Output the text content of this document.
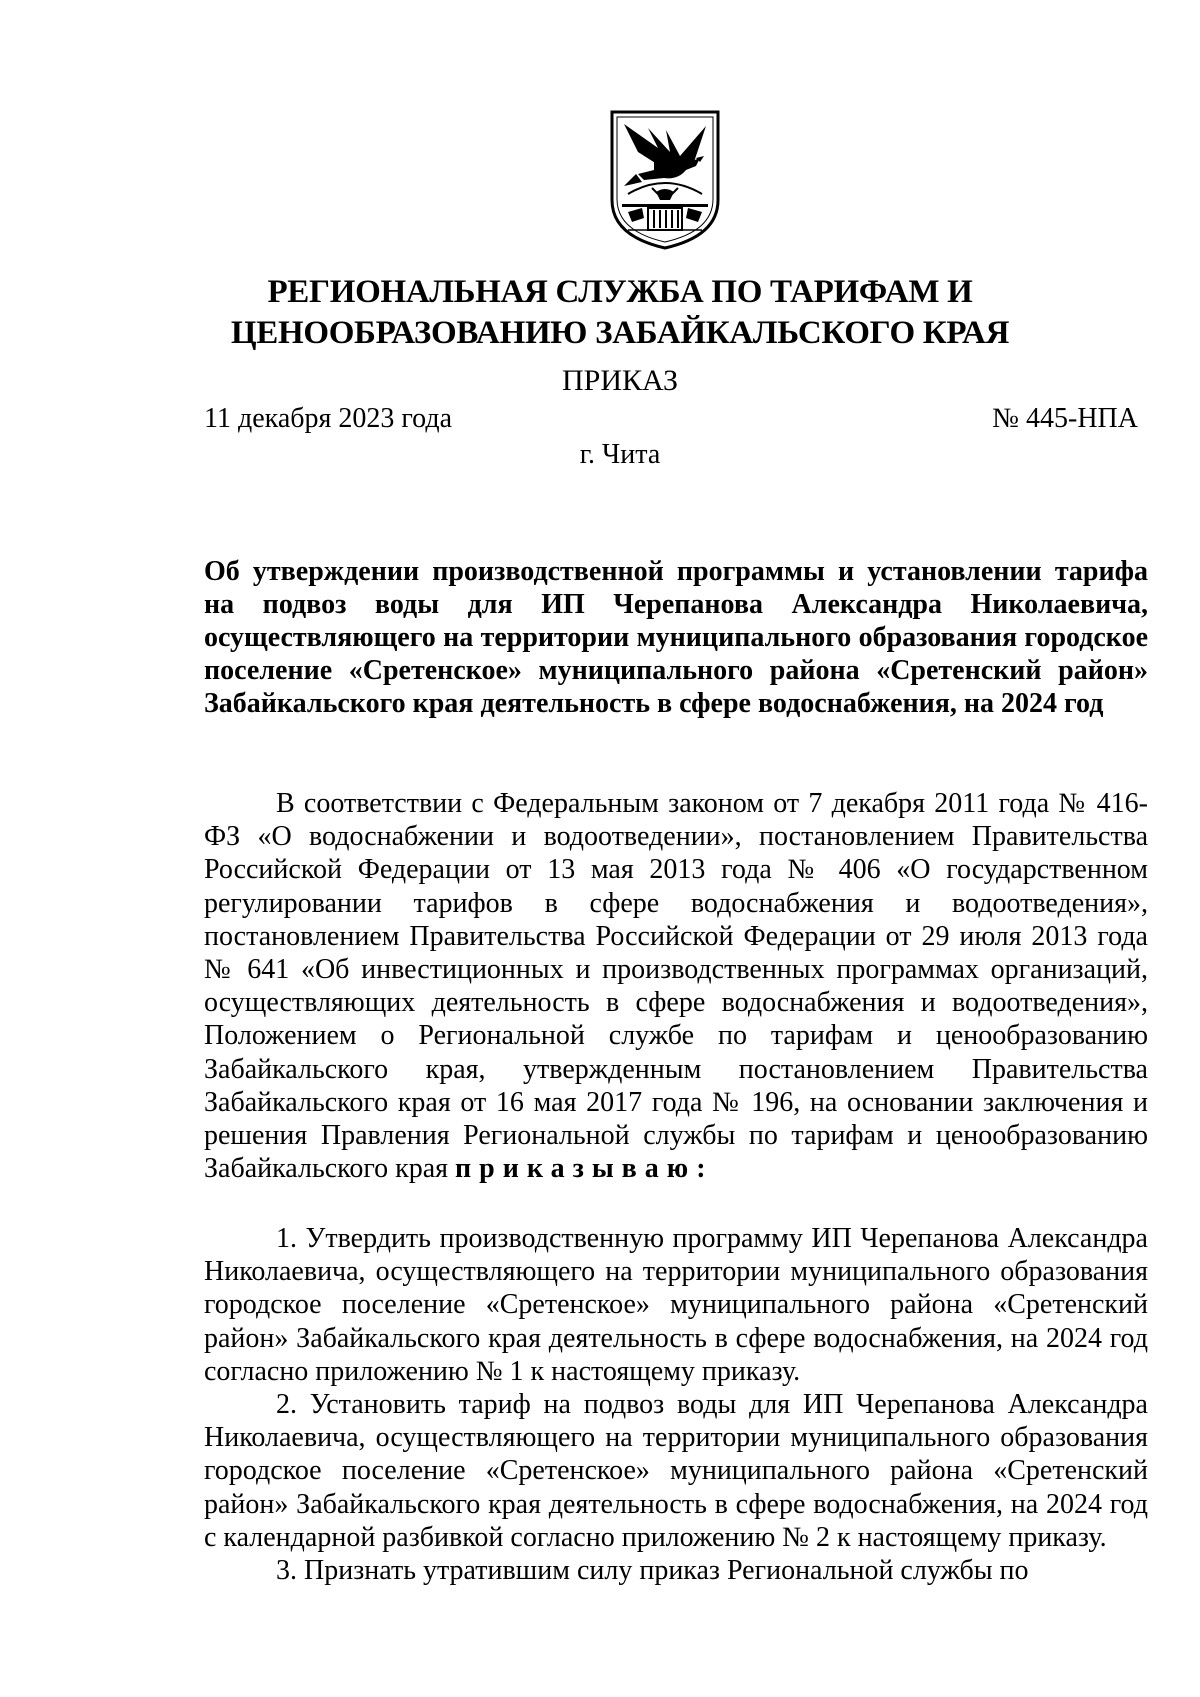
РЕГИОНАЛЬНАЯ СЛУЖБА ПО ТАРИФАМ И
ЦЕНООБРАЗОВАНИЮ ЗАБАЙКАЛЬСКОГО КРАЯ
ПРИКАЗ
11 декабря 2023 года	№ 445-НПА
г. Чита
Об утверждении производственной программы и установлении тарифа на подвоз воды для ИП Черепанова Александра Николаевича, осуществляющего на территории муниципального образования городское поселение «Сретенское» муниципального района «Сретенский район» Забайкальского края деятельность в сфере водоснабжения, на 2024 год

В соответствии с Федеральным законом от 7 декабря 2011 года № 416-ФЗ «О водоснабжении и водоотведении», постановлением Правительства Российской Федерации от 13 мая 2013 года № 406 «О государственном регулировании тарифов в сфере водоснабжения и водоотведения», постановлением Правительства Российской Федерации от 29 июля 2013 года № 641 «Об инвестиционных и производственных программах организаций, осуществляющих деятельность в сфере водоснабжения и водоотведения», Положением о Региональной службе по тарифам и ценообразованию Забайкальского края, утвержденным постановлением Правительства Забайкальского края от 16 мая 2017 года № 196, на основании заключения и решения Правления Региональной службы по тарифам и ценообразованию Забайкальского края приказываю:

1. Утвердить производственную программу ИП Черепанова Александра Николаевича, осуществляющего на территории муниципального образования городское поселение «Сретенское» муниципального района «Сретенский район» Забайкальского края деятельность в сфере водоснабжения, на 2024 год согласно приложению № 1 к настоящему приказу.

2. Установить тариф на подвоз воды для ИП Черепанова Александра Николаевича, осуществляющего на территории муниципального образования городское поселение «Сретенское» муниципального района «Сретенский район» Забайкальского края деятельность в сфере водоснабжения, на 2024 год с календарной разбивкой согласно приложению № 2 к настоящему приказу.

3. Признать утратившим силу приказ Региональной службы по
